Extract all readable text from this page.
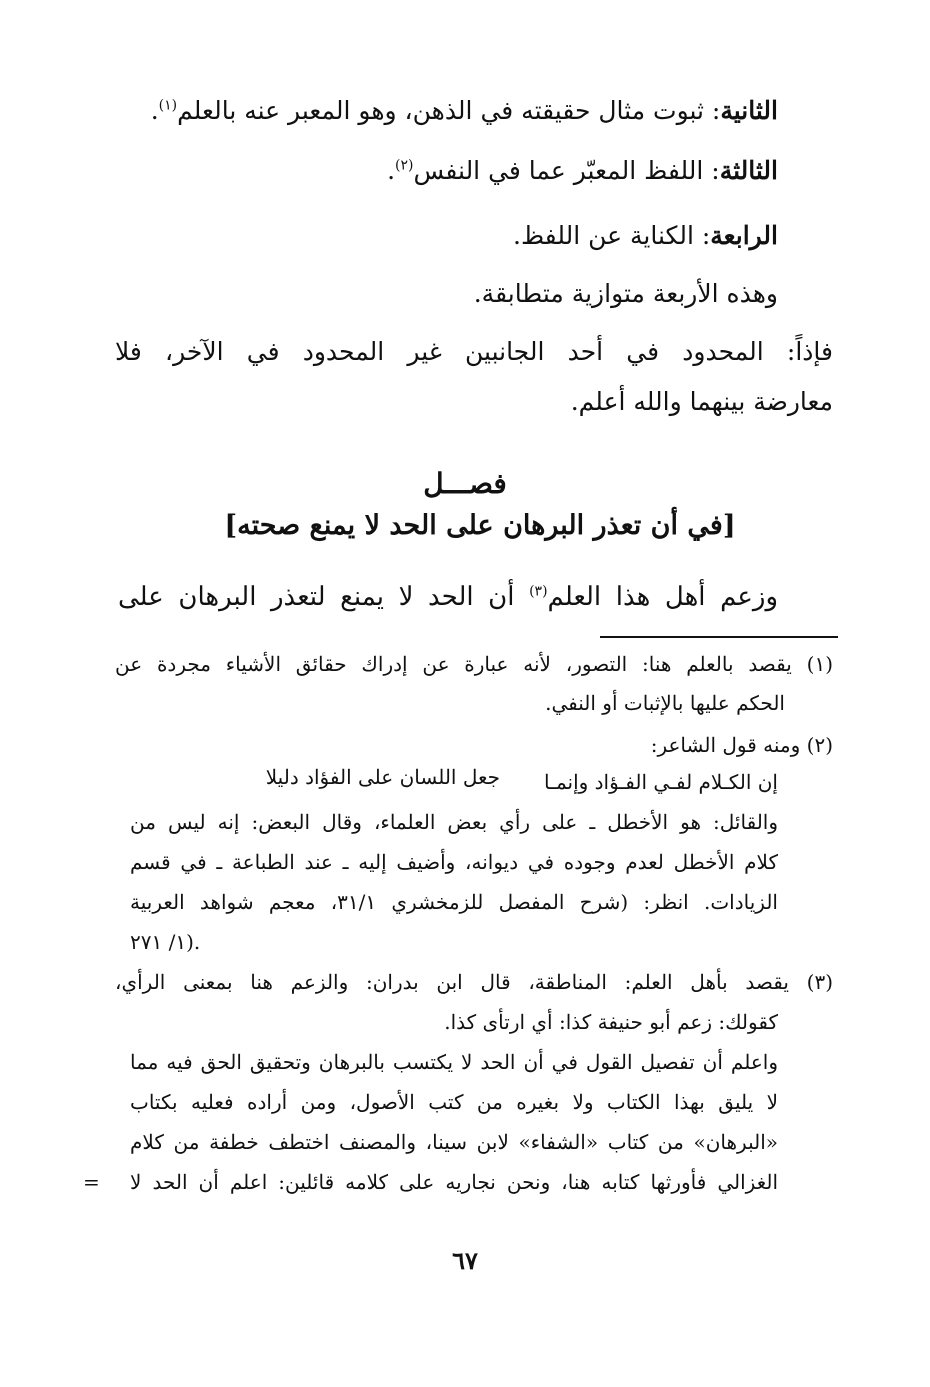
الثانية: ثبوت مثال حقيقته في الذهن، وهو المعبر عنه بالعلم$^{(١)}$.
الثالثة: اللفظ المعبّر عما في النفس$^{(٢)}$.
الرابعة: الكناية عن اللفظ.
وهذه الأربعة متوازية متطابقة.
فإذاً: المحدود في أحد الجانبين غير المحدود في الآخر، فلا
معارضة بينهما والله أعلم.
فصـــل
[في أن تعذر البرهان على الحد لا يمنع صحته]
وزعم أهل هذا العلم$^{(٣)}$ أن الحد لا يمنع لتعذر البرهان على
(١) يقصد بالعلم هنا: التصور، لأنه عبارة عن إدراك حقائق الأشياء مجردة عن
الحكم عليها بالإثبات أو النفي.
(٢) ومنه قول الشاعر:
إن الكـلام لفـي الفـؤاد وإنمـا
جعل اللسان على الفؤاد دليلا
والقائل: هو الأخطل ـ على رأي بعض العلماء، وقال البعض: إنه ليس من
كلام الأخطل لعدم وجوده في ديوانه، وأضيف إليه ـ عند الطباعة ـ في قسم
الزيادات. انظر: (شرح المفصل للزمخشري ٣١/١، معجم شواهد العربية
١/ ٢٧١).
(٣) يقصد بأهل العلم: المناطقة، قال ابن بدران: والزعم هنا بمعنى الرأي،
كقولك: زعم أبو حنيفة كذا: أي ارتأى كذا.
واعلم أن تفصيل القول في أن الحد لا يكتسب بالبرهان وتحقيق الحق فيه مما
لا يليق بهذا الكتاب ولا بغيره من كتب الأصول، ومن أراده فعليه بكتاب
«البرهان» من كتاب «الشفاء» لابن سينا، والمصنف اختطف خطفة من كلام
الغزالي فأورثها كتابه هنا، ونحن نجاريه على كلامه قائلين: اعلم أن الحد لا
=
٦٧
